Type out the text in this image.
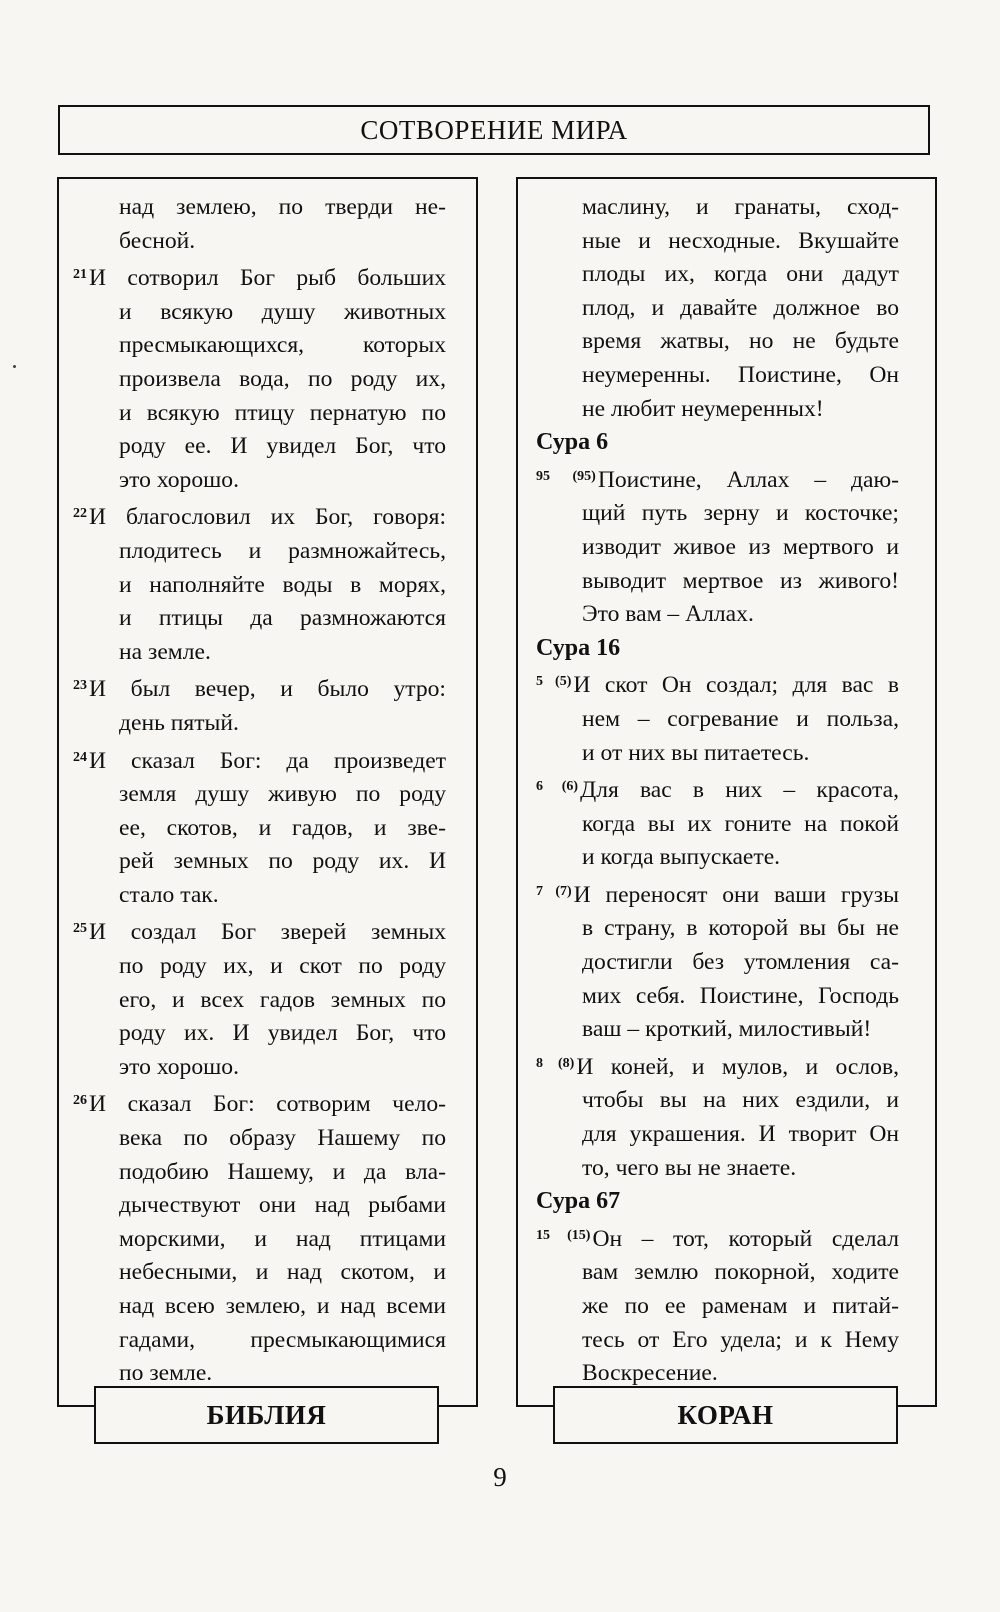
СОТВОРЕНИЕ МИРА
над землею, по тверди не-
бесной.
$^{21}$И сотворил Бог рыб больших
и всякую душу животных
пресмыкающихся, которых
произвела вода, по роду их,
и всякую птицу пернатую по
роду ее. И увидел Бог, что
это хорошо.
$^{22}$И благословил их Бог, говоря:
плодитесь и размножайтесь,
и наполняйте воды в морях,
и птицы да размножаются
на земле.
$^{23}$И был вечер, и было утро:
день пятый.
$^{24}$И сказал Бог: да произведет
земля душу живую по роду
ее, скотов, и гадов, и зве-
рей земных по роду их. И
стало так.
$^{25}$И создал Бог зверей земных
по роду их, и скот по роду
его, и всех гадов земных по
роду их. И увидел Бог, что
это хорошо.
$^{26}$И сказал Бог: сотворим чело-
века по образу Нашему по
подобию Нашему, и да вла-
дычествуют они над рыбами
морскими, и над птицами
небесными, и над скотом, и
над всею землею, и над всеми
гадами, пресмыкающимися
по земле.
маслину, и гранаты, сход-
ные и несходные. Вкушайте
плоды их, когда они дадут
плод, и давайте должное во
время жатвы, но не будьте
неумеренны. Поистине, Он
не любит неумеренных!
Сура 6
$^{95 (95)}$Поистине, Аллах – даю-
щий путь зерну и косточке;
изводит живое из мертвого и
выводит мертвое из живого!
Это вам – Аллах.
Сура 16
$^{5 (5)}$И скот Он создал; для вас в
нем – согревание и польза,
и от них вы питаетесь.
$^{6 (6)}$Для вас в них – красота,
когда вы их гоните на покой
и когда выпускаете.
$^{7 (7)}$И переносят они ваши грузы
в страну, в которой вы бы не
достигли без утомления са-
мих себя. Поистине, Господь
ваш – кроткий, милостивый!
$^{8 (8)}$И коней, и мулов, и ослов,
чтобы вы на них ездили, и
для украшения. И творит Он
то, чего вы не знаете.
Сура 67
$^{15 (15)}$Он – тот, который сделал
вам землю покорной, ходите
же по ее раменам и питай-
тесь от Его удела; и к Нему
Воскресение.
БИБЛИЯ	КОРАН
9
